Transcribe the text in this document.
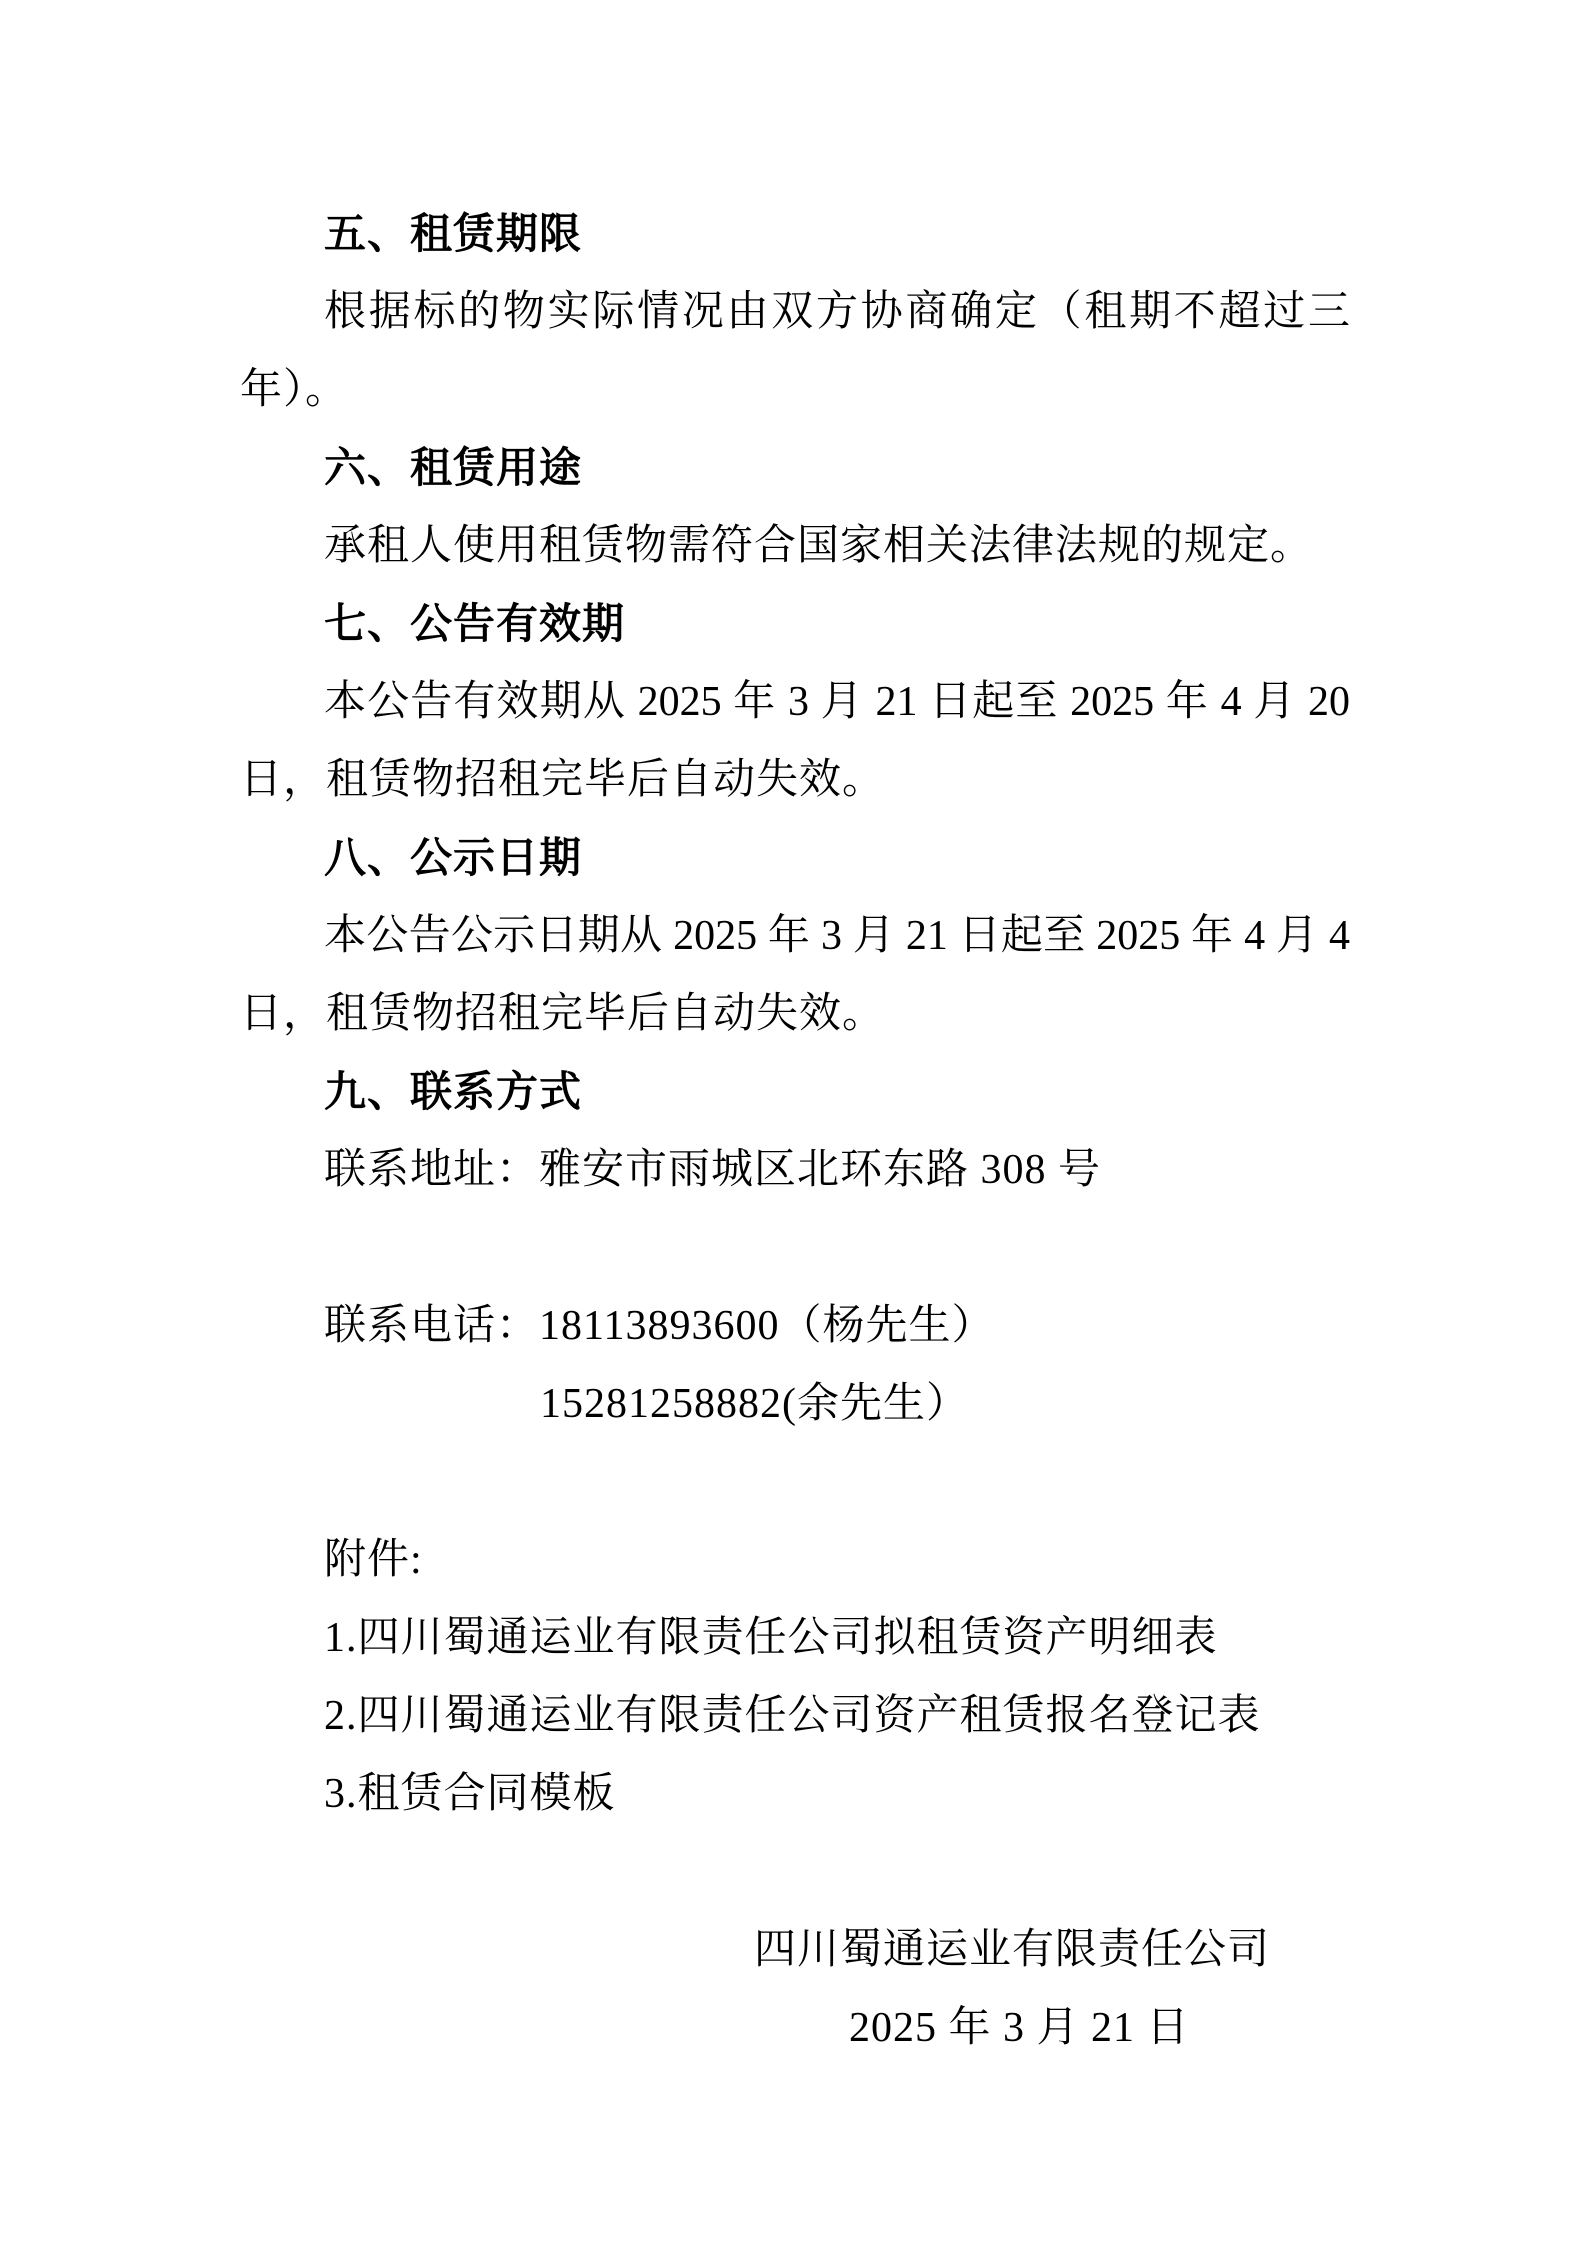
五、租赁期限
根据标的物实际情况由双方协商确定（租期不超过三
年）。
六、租赁用途
承租人使用租赁物需符合国家相关法律法规的规定。
七、公告有效期
本公告有效期从 2025 年 3 月 21 日起至 2025 年 4 月 20
日，租赁物招租完毕后自动失效。
八、公示日期
本公告公示日期从 2025 年 3 月 21 日起至 2025 年 4 月 4
日，租赁物招租完毕后自动失效。
九、联系方式
联系地址：雅安市雨城区北环东路 308 号
联系电话：18113893600（杨先生）
15281258882(余先生）
附件:
1.四川蜀通运业有限责任公司拟租赁资产明细表
2.四川蜀通运业有限责任公司资产租赁报名登记表
3.租赁合同模板
四川蜀通运业有限责任公司
2025 年 3 月 21 日
